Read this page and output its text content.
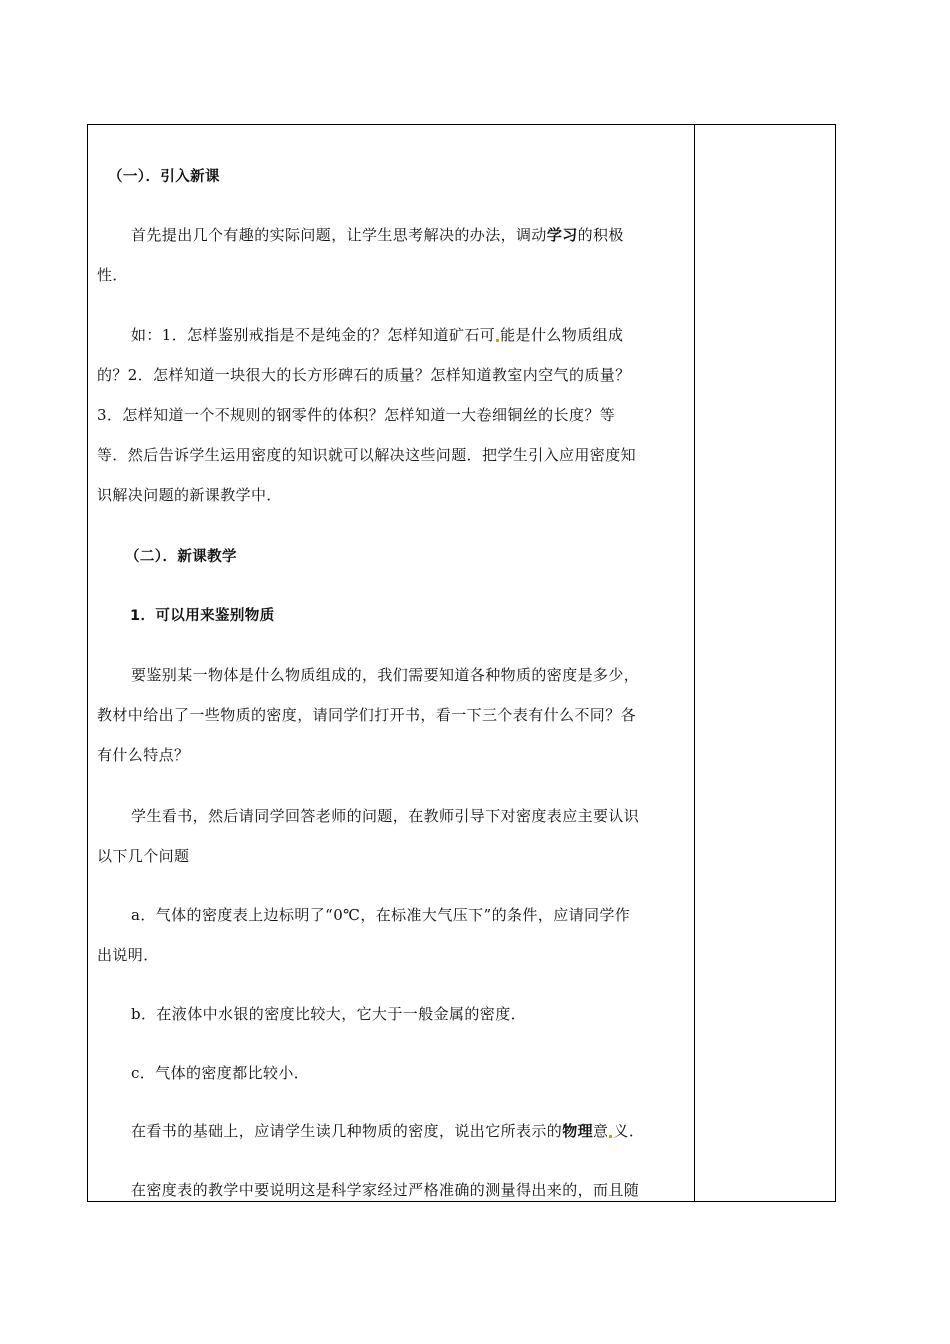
（一）．引入新课
首先提出几个有趣的实际问题，让学生思考解决的办法，调动学习的积极
性．
如：1．怎样鉴别戒指是不是纯金的？怎样知道矿石可 能是什么物质组成
的？2．怎样知道一块很大的长方形碑石的质量？怎样知道教室内空气的质量？
3．怎样知道一个不规则的钢零件的体积？怎样知道一大卷细铜丝的长度？等
等．然后告诉学生运用密度的知识就可以解决这些问题．把学生引入应用密度知
识解决问题的新课教学中．
（二）．新课教学
1．可以用来鉴别物质
要鉴别某一物体是什么物质组成的，我们需要知道各种物质的密度是多少，
教材中给出了一些物质的密度，请同学们打开书，看一下三个表有什么不同？各
有什么特点？
学生看书，然后请同学回答老师的问题，在教师引导下对密度表应主要认识
以下几个问题
a．气体的密度表上边标明了“0℃，在标准大气压下”的条件，应请同学作
出说明．
b．在液体中水银的密度比较大，它大于一般金属的密度．
c．气体的密度都比较小．
在看书的基础上，应请学生读几种物质的密度，说出它所表示的物理意 义．
在密度表的教学中要说明这是科学家经过严格准确的测量得出来的，而且随
